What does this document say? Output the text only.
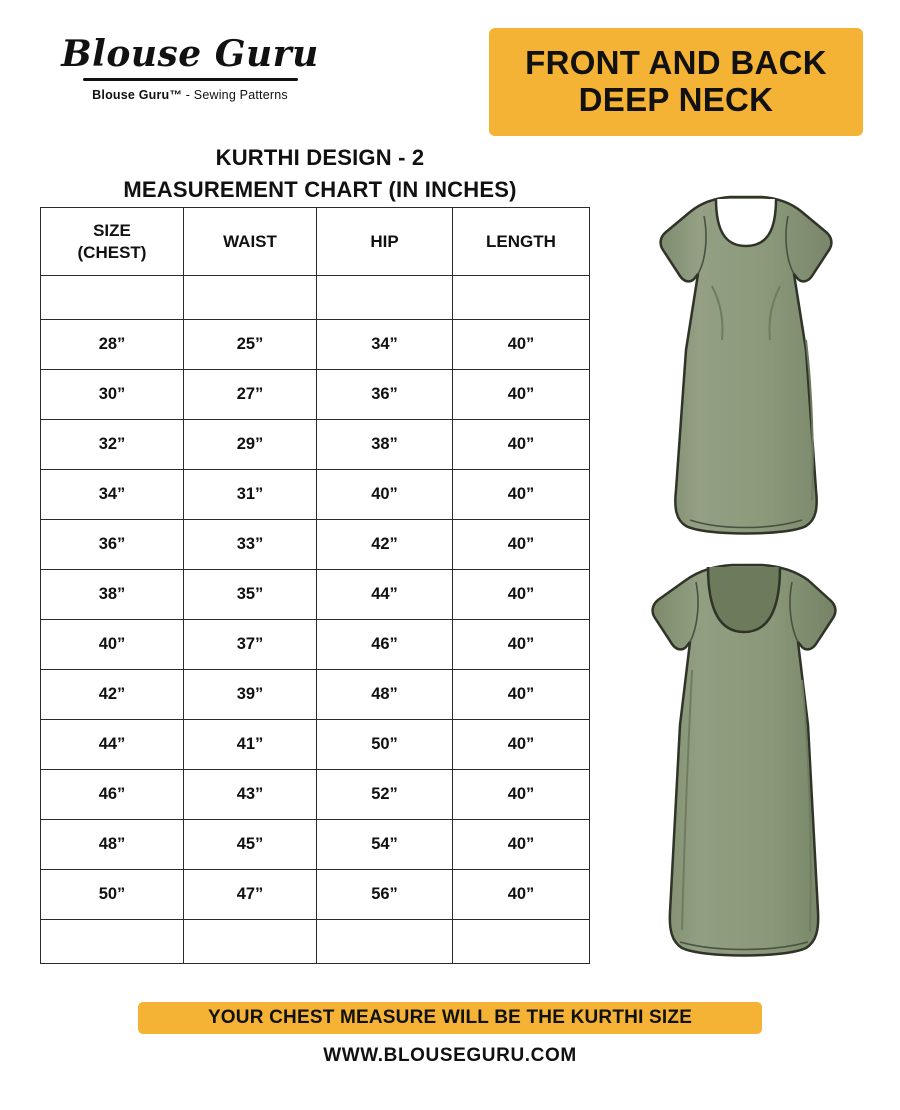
Blouse Guru
Blouse Guru™ - Sewing Patterns
FRONT AND BACK
DEEP NECK
KURTHI DESIGN - 2
MEASUREMENT CHART (IN INCHES)
SIZE
(CHEST)	WAIST	HIP	LENGTH

28”	25”	34”	40”
30”	27”	36”	40”
32”	29”	38”	40”
34”	31”	40”	40”
36”	33”	42”	40”
38”	35”	44”	40”
40”	37”	46”	40”
42”	39”	48”	40”
44”	41”	50”	40”
46”	43”	52”	40”
48”	45”	54”	40”
50”	47”	56”	40”

YOUR CHEST MEASURE WILL BE THE KURTHI SIZE
WWW.BLOUSEGURU.COM
